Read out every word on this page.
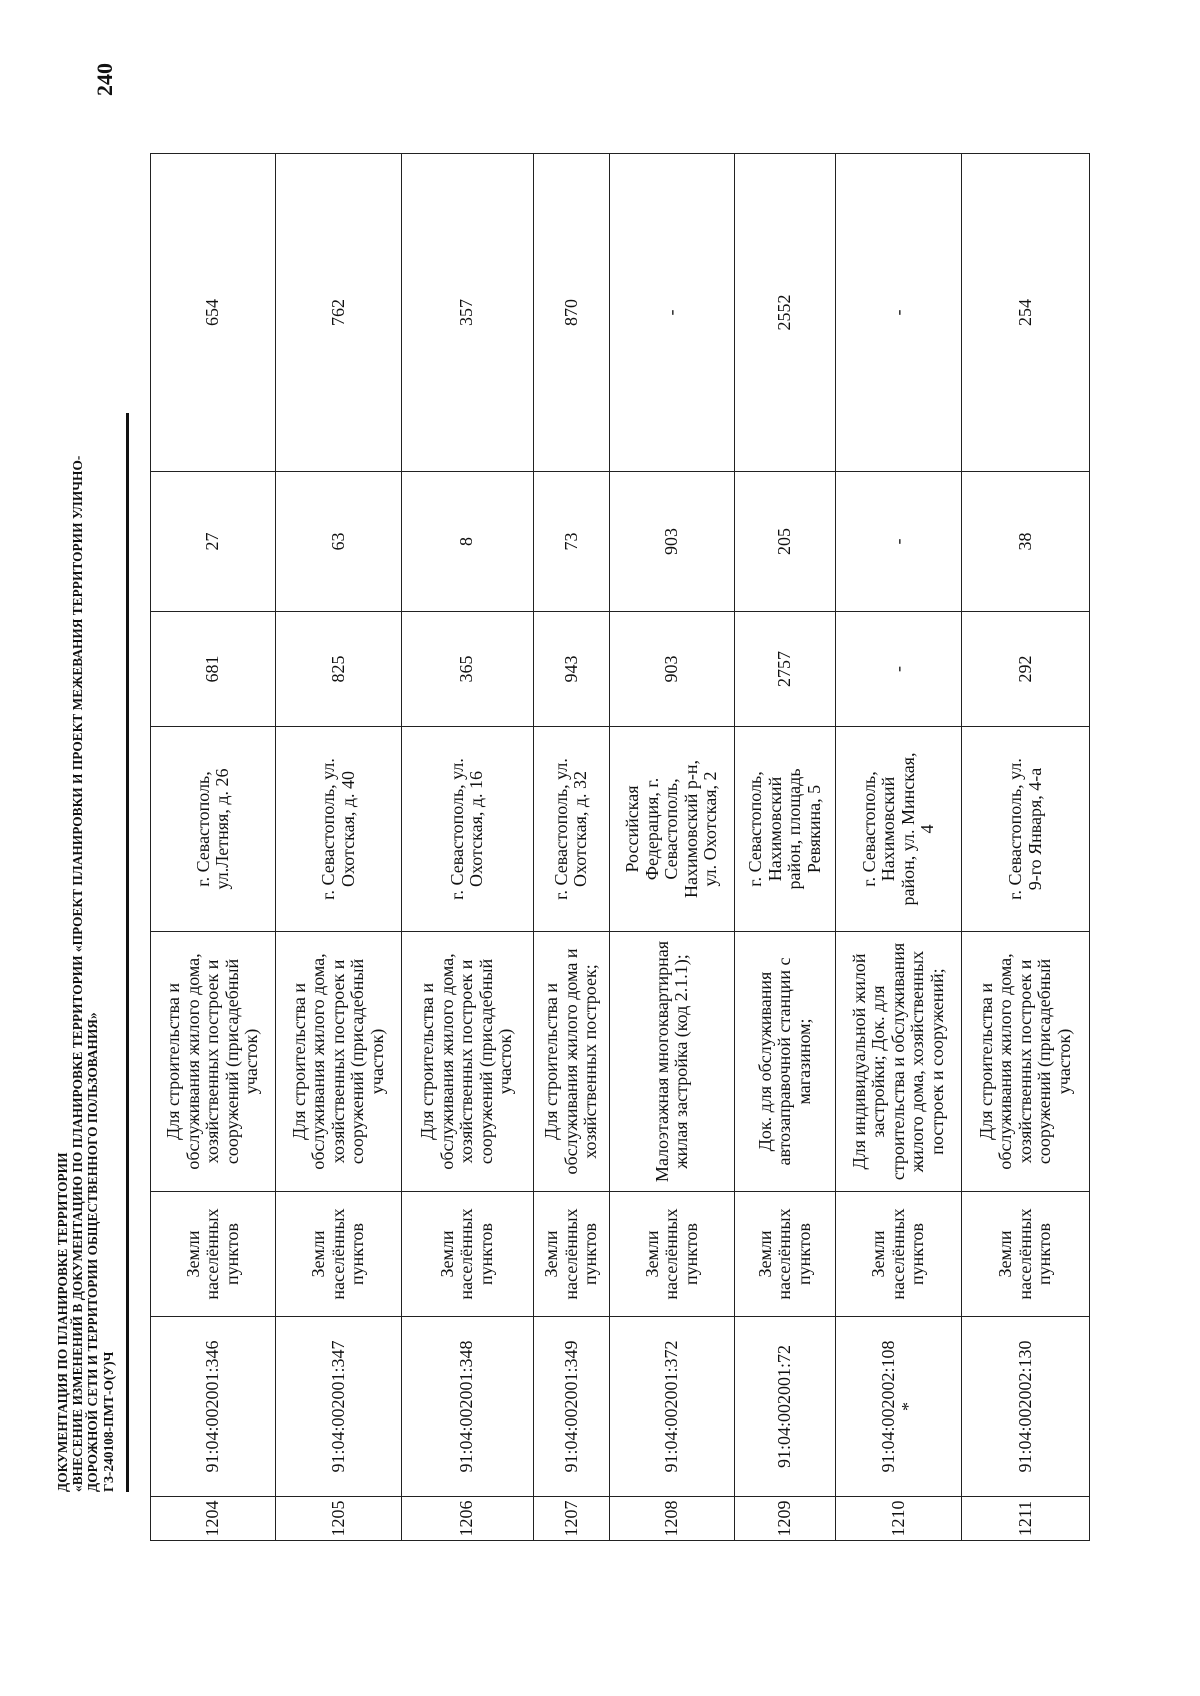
ДОКУМЕНТАЦИЯ ПО ПЛАНИРОВКЕ ТЕРРИТОРИИ «ВНЕСЕНИЕ ИЗМЕНЕНИЙ В ДОКУМЕНТАЦИЮ ПО ПЛАНИРОВКЕ ТЕРРИТОРИИ «ПРОЕКТ ПЛАНИРОВКИ И ПРОЕКТ МЕЖЕВАНИЯ ТЕРРИТОРИИ УЛИЧНО- ДОРОЖНОЙ СЕТИ И ТЕРРИТОРИИ ОБЩЕСТВЕННОГО ПОЛЬЗОВАНИЯ» ГЗ-240108-ПМТ-О(У)Ч
240
1204	91:04:002001:346	Земли
населённых
пунктов	Для строительства и обслуживания жилого дома, хозяйственных построек и сооружений (присадебный участок)	г. Севастополь,
ул.Летняя, д. 26	681	27	654
1205	91:04:002001:347	Земли
населённых
пунктов	Для строительства и обслуживания жилого дома, хозяйственных построек и сооружений (присадебный участок)	г. Севастополь, ул.
Охотская, д. 40	825	63	762
1206	91:04:002001:348	Земли
населённых
пунктов	Для строительства и обслуживания жилого дома, хозяйственных построек и сооружений (присадебный участок)	г. Севастополь, ул.
Охотская, д. 16	365	8	357
1207	91:04:002001:349	Земли
населённых
пунктов	Для строительства и обслуживания жилого дома и хозяйственных построек;	г. Севастополь, ул.
Охотская, д. 32	943	73	870
1208	91:04:002001:372	Земли
населённых
пунктов	Малоэтажная многоквартирная жилая застройка (код 2.1.1);	Российская
Федерация, г.
Севастополь,
Нахимовский р-н,
ул. Охотская, 2	903	903	-
1209	91:04:002001:72	Земли
населённых
пунктов	Док. для обслуживания автозаправочной станции с магазином;	г. Севастополь,
Нахимовский
район, площадь
Ревякина, 5	2757	205	2552
1210	91:04:002002:108
*	Земли
населённых
пунктов	Для индивидуальной жилой застройки; Док. для строительства и обслуживания жилого дома, хозяйственных построек и сооружений;	г. Севастополь,
Нахимовский
район, ул. Минская,
4	-	-	-
1211	91:04:002002:130	Земли
населённых
пунктов	Для строительства и обслуживания жилого дома, хозяйственных построек и сооружений (присадебный участок)	г. Севастополь, ул.
9-го Января, 4-а	292	38	254
